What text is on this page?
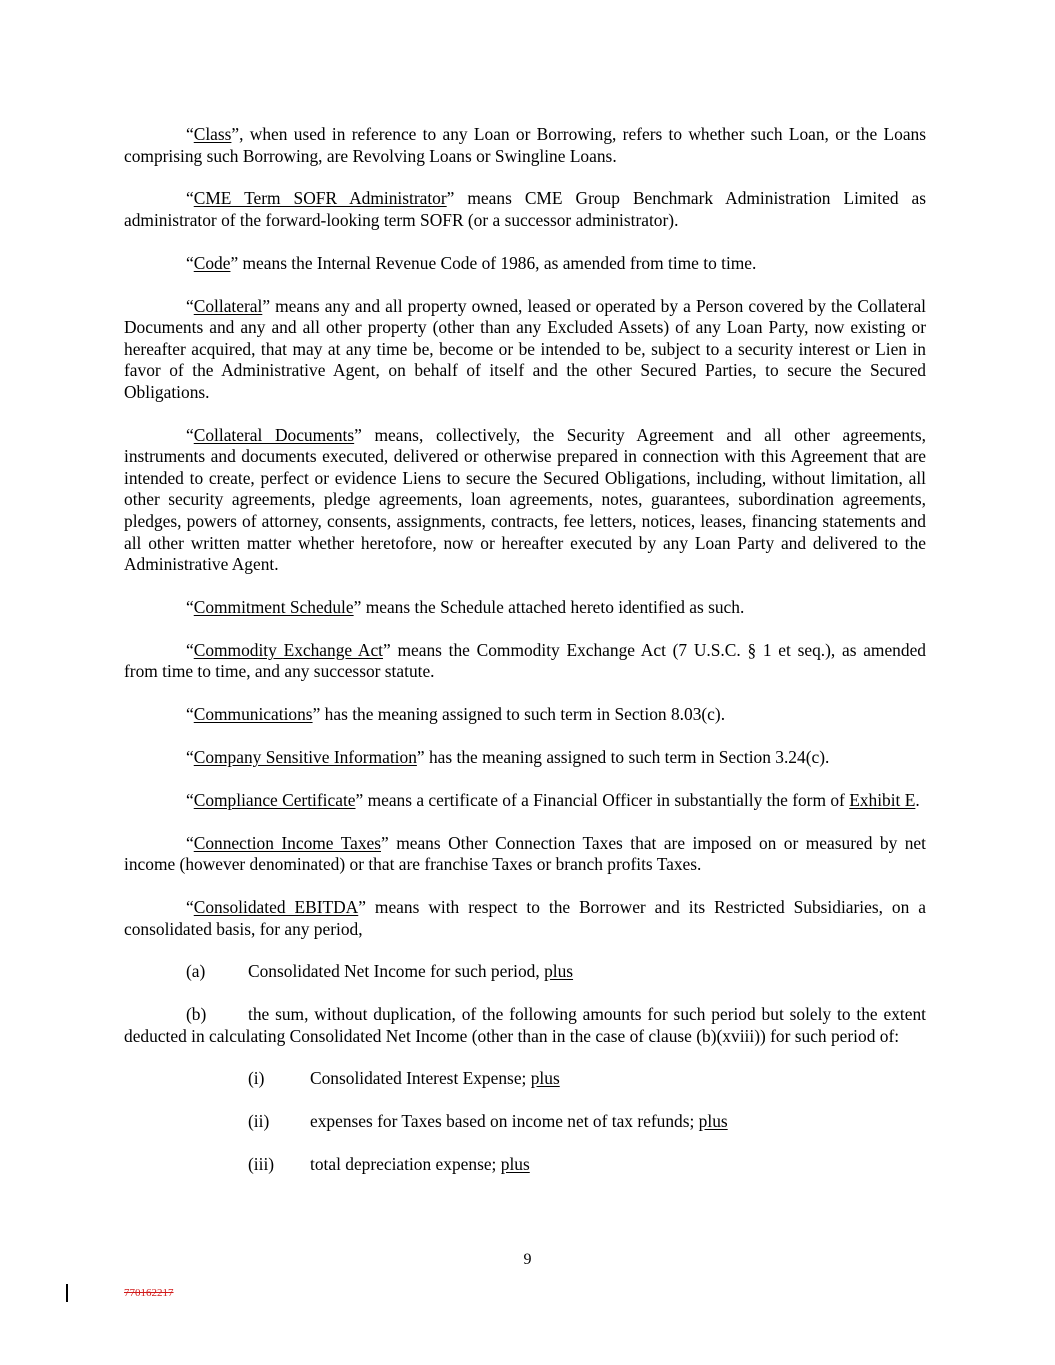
“Class”, when used in reference to any Loan or Borrowing, refers to whether such Loan, or the Loans comprising such Borrowing, are Revolving Loans or Swingline Loans.

“CME Term SOFR Administrator” means CME Group Benchmark Administration Limited as administrator of the forward-looking term SOFR (or a successor administrator).

“Code” means the Internal Revenue Code of 1986, as amended from time to time.

“Collateral” means any and all property owned, leased or operated by a Person covered by the Collateral Documents and any and all other property (other than any Excluded Assets) of any Loan Party, now existing or hereafter acquired, that may at any time be, become or be intended to be, subject to a security interest or Lien in favor of the Administrative Agent, on behalf of itself and the other Secured Parties, to secure the Secured Obligations.

“Collateral Documents” means, collectively, the Security Agreement and all other agreements, instruments and documents executed, delivered or otherwise prepared in connection with this Agreement that are intended to create, perfect or evidence Liens to secure the Secured Obligations, including, without limitation, all other security agreements, pledge agreements, loan agreements, notes, guarantees, subordination agreements, pledges, powers of attorney, consents, assignments, contracts, fee letters, notices, leases, financing statements and all other written matter whether heretofore, now or hereafter executed by any Loan Party and delivered to the Administrative Agent.

“Commitment Schedule” means the Schedule attached hereto identified as such.

“Commodity Exchange Act” means the Commodity Exchange Act (7 U.S.C. § 1 et seq.), as amended from time to time, and any successor statute.

“Communications” has the meaning assigned to such term in Section 8.03(c).

“Company Sensitive Information” has the meaning assigned to such term in Section 3.24(c).

“Compliance Certificate” means a certificate of a Financial Officer in substantially the form of Exhibit E.

“Connection Income Taxes” means Other Connection Taxes that are imposed on or measured by net income (however denominated) or that are franchise Taxes or branch profits Taxes.

“Consolidated EBITDA” means with respect to the Borrower and its Restricted Subsidiaries, on a consolidated basis, for any period,

(a) Consolidated Net Income for such period, plus

(b) the sum, without duplication, of the following amounts for such period but solely to the extent deducted in calculating Consolidated Net Income (other than in the case of clause (b)(xviii)) for such period of:

(i)	Consolidated Interest Expense; plus
(ii)	expenses for Taxes based on income net of tax refunds; plus
(iii)	total depreciation expense; plus
9
770162217
